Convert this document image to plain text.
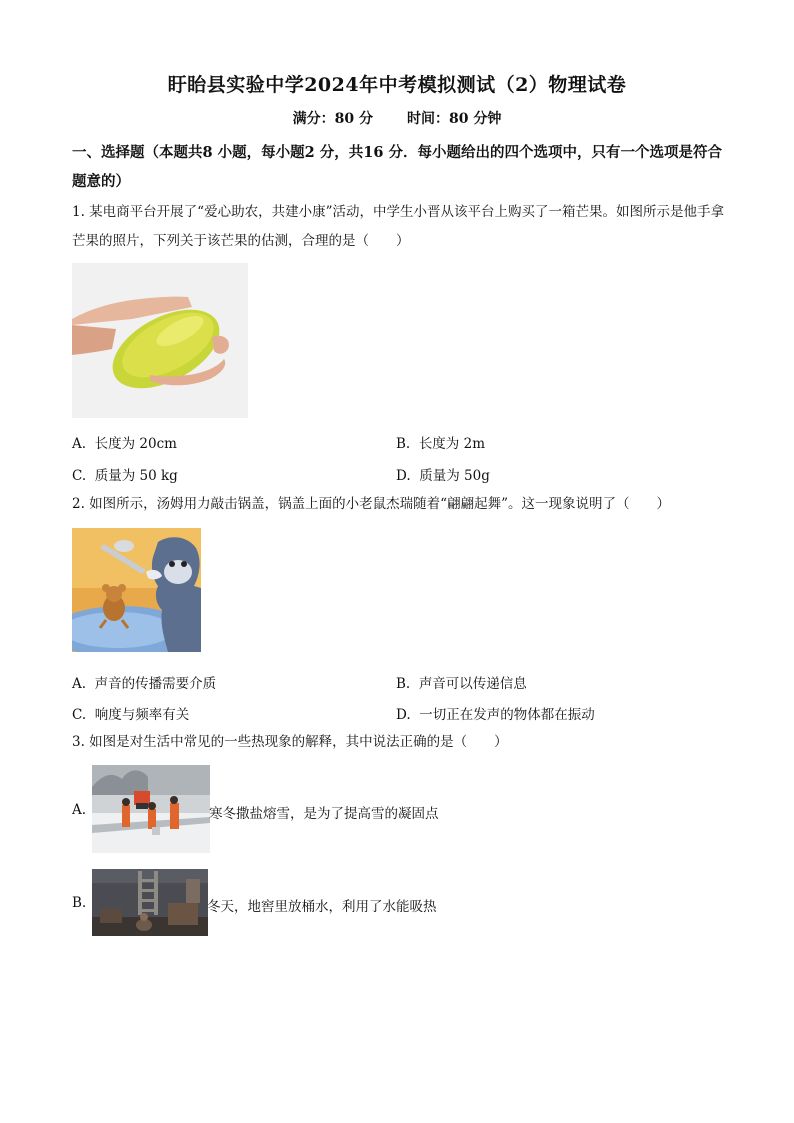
盱眙县实验中学2024年中考模拟测试（2）物理试卷
满分：80 分 时间：80 分钟
一、选择题（本题共8 小题，每小题2 分，共16 分．每小题给出的四个选项中，只有一个选项是符合题意的）
1. 某电商平台开展了“爱心助农，共建小康”活动，中学生小晋从该平台上购买了一箱芒果。如图所示是他手拿芒果的照片，下列关于该芒果的估测，合理的是（　　）
A. 长度为 20cm	B. 长度为 2m
C. 质量为 50 kg	D. 质量为 50g
2. 如图所示，汤姆用力敲击锅盖，锅盖上面的小老鼠杰瑞随着“翩翩起舞”。这一现象说明了（　　）
A. 声音的传播需要介质	B. 声音可以传递信息
C. 响度与频率有关	D. 一切正在发声的物体都在振动
3. 如图是对生活中常见的一些热现象的解释，其中说法正确的是（　　）
A.	寒冬撒盐熔雪，是为了提高雪的凝固点
B.	冬天，地窖里放桶水，利用了水能吸热
